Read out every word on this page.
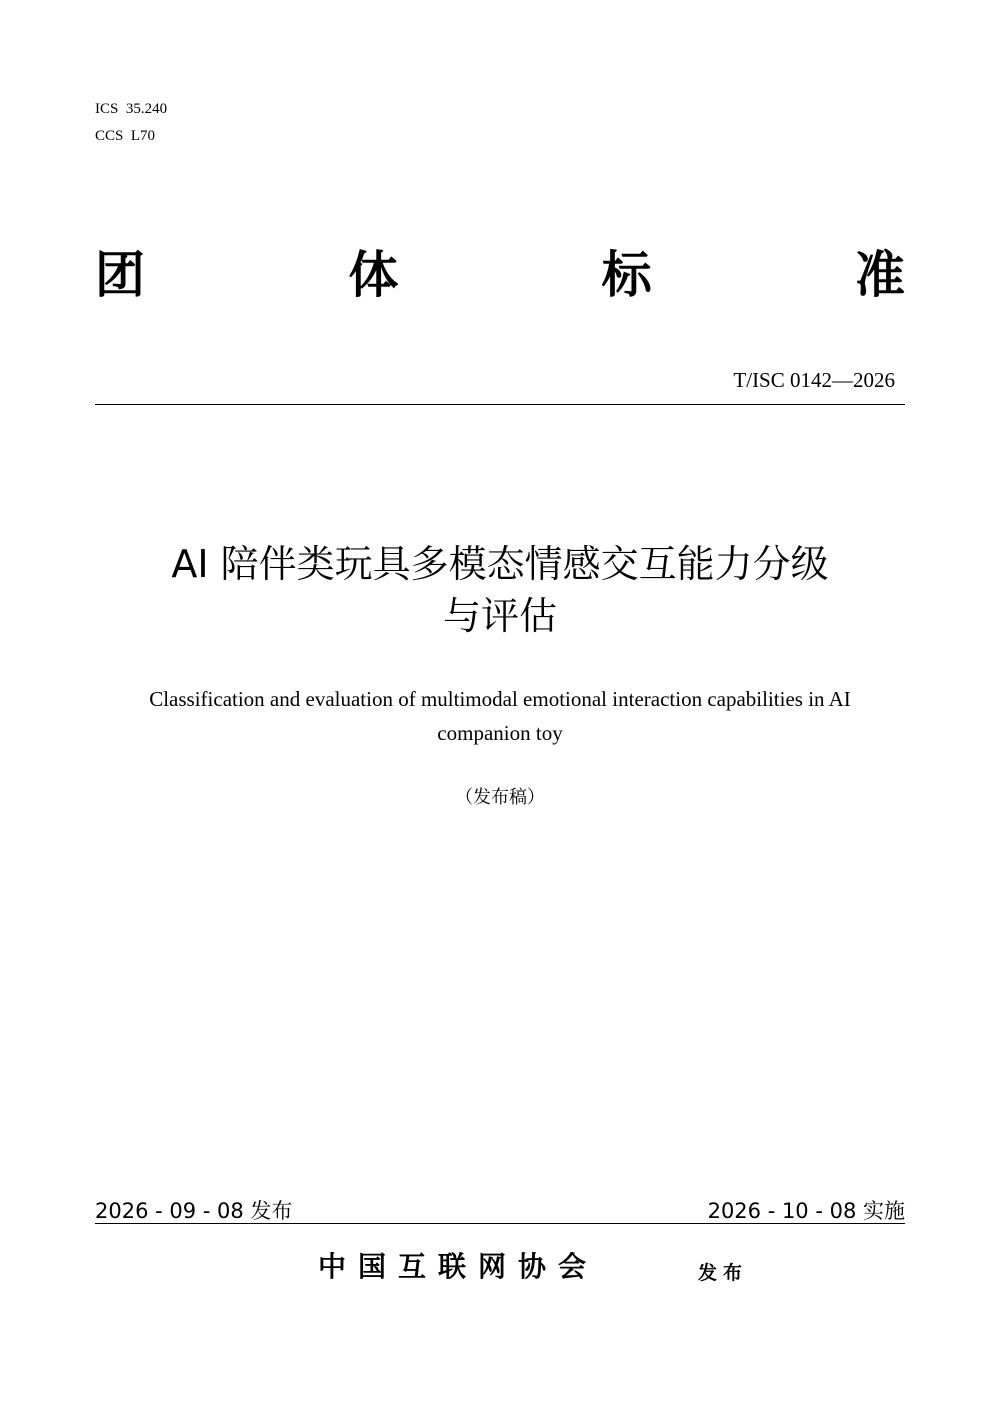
ICS  35.240
CCS  L70
团	体	标	准
T/ISC 0142—2026
AI 陪伴类玩具多模态情感交互能力分级
与评估
Classification and evaluation of multimodal emotional interaction capabilities in AI
companion toy
（发布稿）
2026 - 09 - 08 发布	2026 - 10 - 08 实施
中国互联网协会	发布
